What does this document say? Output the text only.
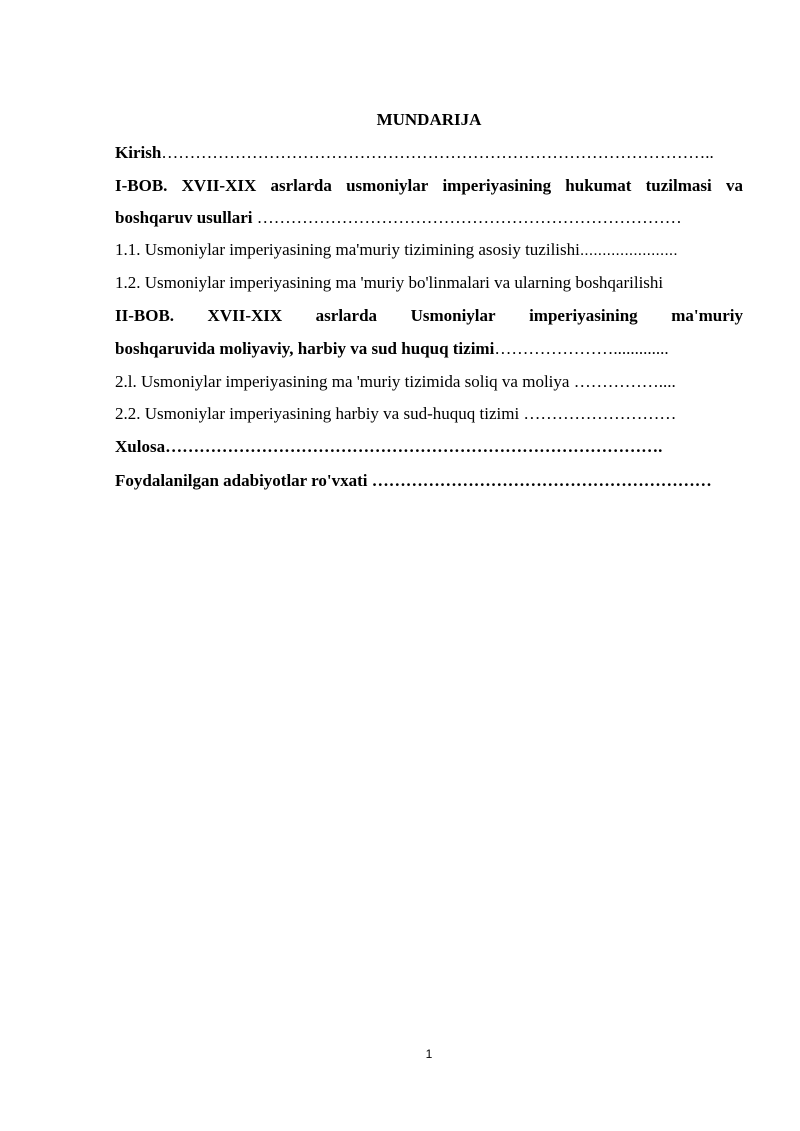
MUNDARIJA
Kirish……………………………………………………………………………………..
I-BOB. XVII-XIX asrlarda usmoniylar imperiyasining hukumat tuzilmasi va
boshqaruv usullari …………………………………………………………………
1.1. Usmoniylar imperiyasining ma'muriy tizimining asosiy tuzilishi......................
1.2. Usmoniylar imperiyasining ma 'muriy bo'linmalari va ularning boshqarilishi
II-BOB. XVII-XIX asrlarda Usmoniylar imperiyasining ma'muriy
boshqaruvida moliyaviy, harbiy va sud huquq tizimi………………….............
2.l. Usmoniylar imperiyasining ma 'muriy tizimida soliq va moliya ……………....
2.2. Usmoniylar imperiyasining harbiy va sud-huquq tizimi ………………………
Xulosa…………………………………………………………………………….
Foydalanilgan adabiyotlar ro'vxati ……………………………………………………
1
